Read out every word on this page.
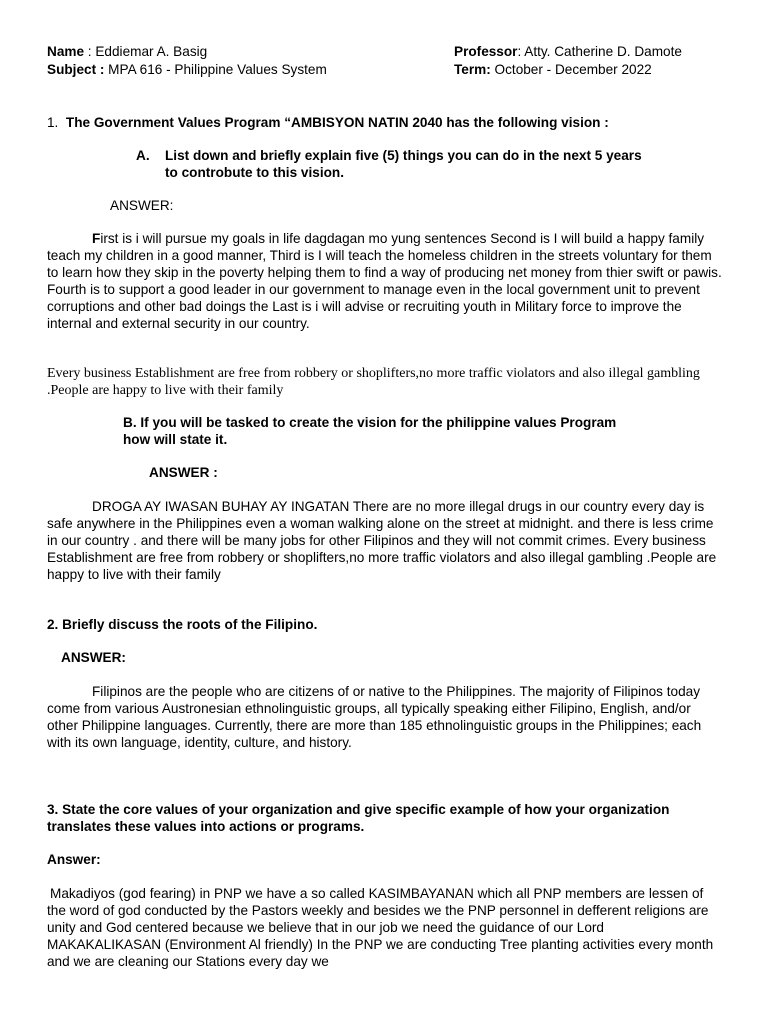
Name : Eddiemar A. Basig
Subject : MPA 616 - Philippine Values System
Professor: Atty. Catherine D. Damote
Term: October - December 2022
1. The Government Values Program “AMBISYON NATIN 2040 has the following vision :
A. List down and briefly explain five (5) things you can do in the next 5 years
to controbute to this vision.
ANSWER:
First is i will pursue my goals in life dagdagan mo yung sentences Second is I will build a happy family teach my children in a good manner, Third is I will teach the homeless children in the streets voluntary for them to learn how they skip in the poverty helping them to find a way of producing net money from thier swift or pawis. Fourth is to support a good leader in our government to manage even in the local government unit to prevent corruptions and other bad doings the Last is i will advise or recruiting youth in Military force to improve the internal and external security in our country.
Every business Establishment are free from robbery or shoplifters,no more traffic violators and also illegal gambling .People are happy to live with their family
B. If you will be tasked to create the vision for the philippine values Program
how will state it.
ANSWER :
DROGA AY IWASAN BUHAY AY INGATAN There are no more illegal drugs in our country every day is safe anywhere in the Philippines even a woman walking alone on the street at midnight. and there is less crime in our country . and there will be many jobs for other Filipinos and they will not commit crimes. Every business Establishment are free from robbery or shoplifters,no more traffic violators and also illegal gambling .People are happy to live with their family
2. Briefly discuss the roots of the Filipino.
ANSWER:
Filipinos are the people who are citizens of or native to the Philippines. The majority of Filipinos today come from various Austronesian ethnolinguistic groups, all typically speaking either Filipino, English, and/or other Philippine languages. Currently, there are more than 185 ethnolinguistic groups in the Philippines; each with its own language, identity, culture, and history.
3. State the core values of your organization and give specific example of how your organization translates these values into actions or programs.
Answer:
Makadiyos (god fearing) in PNP we have a so called KASIMBAYANAN which all PNP members are lessen of the word of god conducted by the Pastors weekly and besides we the PNP personnel in defferent religions are unity and God centered because we believe that in our job we need the guidance of our Lord MAKAKALIKASAN (Environment Al friendly) In the PNP we are conducting Tree planting activities every month and we are cleaning our Stations every day we
